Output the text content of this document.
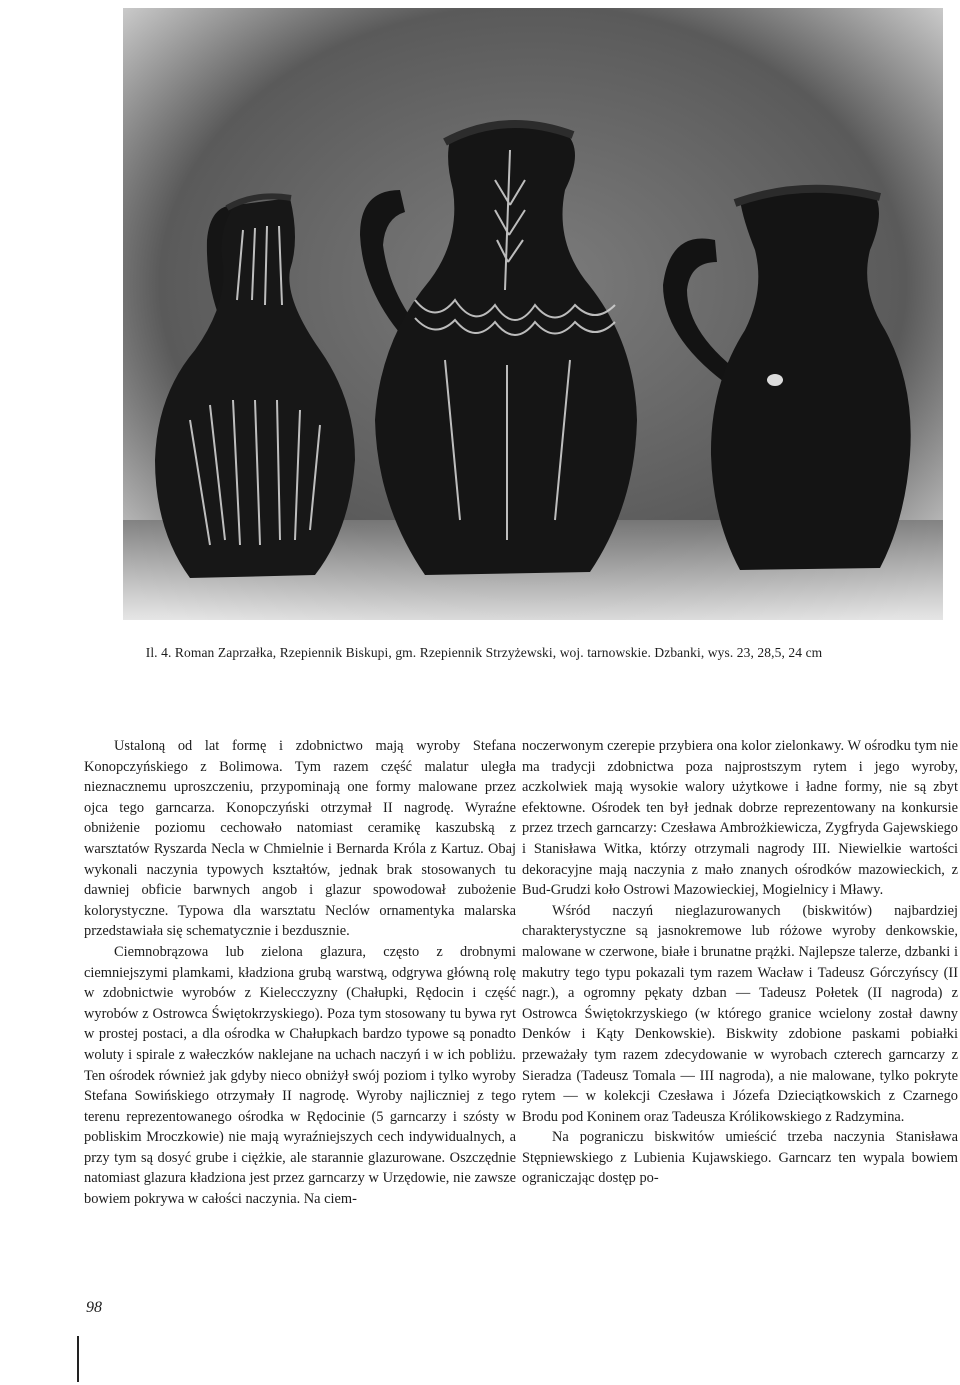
Il. 4. Roman Zaprzałka, Rzepiennik Biskupi, gm. Rzepiennik Strzyżewski, woj. tarnowskie. Dzbanki, wys. 23, 28,5, 24 cm

Ustaloną od lat formę i zdobnictwo mają wyroby Stefana Konopczyńskiego z Bolimowa. Tym razem część malatur uległa nieznacznemu uproszczeniu, przypominają one formy malowane przez ojca tego garncarza. Konopczyński otrzymał II nagrodę. Wyraźne obniżenie poziomu cechowało natomiast ceramikę kaszubską z warsztatów Ryszarda Necla w Chmielnie i Bernarda Króla z Kartuz. Obaj wykonali naczynia typowych kształtów, jednak brak stosowanych tu dawniej obficie barwnych angob i glazur spowodował zubożenie kolorystyczne. Typowa dla warsztatu Neclów ornamentyka malarska przedstawiała się schematycznie i bezdusznie.

Ciemnobrązowa lub zielona glazura, często z drobnymi ciemniejszymi plamkami, kładziona grubą warstwą, odgrywa główną rolę w zdobnictwie wyrobów z Kielecczyzny (Chałupki, Rędocin i część wyrobów z Ostrowca Świętokrzyskiego). Poza tym stosowany tu bywa ryt w prostej postaci, a dla ośrodka w Chałupkach bardzo typowe są ponadto woluty i spirale z wałeczków naklejane na uchach naczyń i w ich pobliżu. Ten ośrodek również jak gdyby nieco obniżył swój poziom i tylko wyroby Stefana Sowińskiego otrzymały II nagrodę. Wyroby najliczniej z tego terenu reprezentowanego ośrodka w Rędocinie (5 garncarzy i szósty w pobliskim Mroczkowie) nie mają wyraźniejszych cech indywidualnych, a przy tym są dosyć grube i ciężkie, ale starannie glazurowane. Oszczędnie natomiast glazura kładziona jest przez garncarzy w Urzędowie, nie zawsze bowiem pokrywa w całości naczynia. Na ciem-

noczerwonym czerepie przybiera ona kolor zielonkawy. W ośrodku tym nie ma tradycji zdobnictwa poza najprostszym rytem i jego wyroby, aczkolwiek mają wysokie walory użytkowe i ładne formy, nie są zbyt efektowne. Ośrodek ten był jednak dobrze reprezentowany na konkursie przez trzech garncarzy: Czesława Ambrożkiewicza, Zygfryda Gajewskiego i Stanisława Witka, którzy otrzymali nagrody III. Niewielkie wartości dekoracyjne mają naczynia z mało znanych ośrodków mazowieckich, z Bud-Grudzi koło Ostrowi Mazowieckiej, Mogielnicy i Mławy.

Wśród naczyń nieglazurowanych (biskwitów) najbardziej charakterystyczne są jasnokremowe lub różowe wyroby denkowskie, malowane w czerwone, białe i brunatne prążki. Najlepsze talerze, dzbanki i makutry tego typu pokazali tym razem Wacław i Tadeusz Górczyńscy (II nagr.), a ogromny pękaty dzban — Tadeusz Połetek (II nagroda) z Ostrowca Świętokrzyskiego (w którego granice wcielony został dawny Denków i Kąty Denkowskie). Biskwity zdobione paskami pobiałki przeważały tym razem zdecydowanie w wyrobach czterech garncarzy z Sieradza (Tadeusz Tomala — III nagroda), a nie malowane, tylko pokryte rytem — w kolekcji Czesława i Józefa Dzieciątkowskich z Czarnego Brodu pod Koninem oraz Tadeusza Królikowskiego z Radzymina.

Na pograniczu biskwitów umieścić trzeba naczynia Stanisława Stępniewskiego z Lubienia Kujawskiego. Garncarz ten wypala bowiem ograniczając dostęp po-

98
